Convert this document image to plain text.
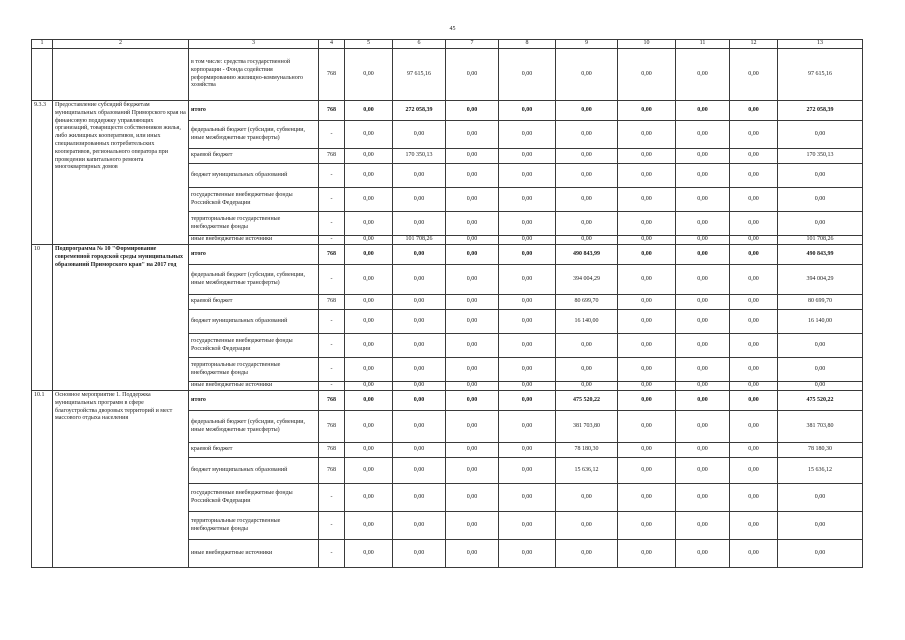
45
1	2	3	4	5	6	7	8	9	10	11	12	13
		в том числе: средства государственной корпорации - Фонда содействия реформированию жилищно-коммунального хозяйства	768	0,00	97 615,16	0,00	0,00	0,00	0,00	0,00	0,00	97 615,16
9.3.3	Предоставление субсидий бюджетам муниципальных образований Приморского края на финансовую поддержку управляющих организаций, товариществ собственников жилья, либо жилищных кооперативов, или иных специализированных потребительских кооперативов, регионального оператора при проведении капитального ремонта многоквартирных домов	итого	768	0,00	272 058,39	0,00	0,00	0,00	0,00	0,00	0,00	272 058,39
		федеральный бюджет (субсидии, субвенции, иные межбюджетные трансферты)	-	0,00	0,00	0,00	0,00	0,00	0,00	0,00	0,00	0,00
		краевой бюджет	768	0,00	170 350,13	0,00	0,00	0,00	0,00	0,00	0,00	170 350,13
		бюджет муниципальных образований	-	0,00	0,00	0,00	0,00	0,00	0,00	0,00	0,00	0,00
		государственные внебюджетные фонды Российской Федерации	-	0,00	0,00	0,00	0,00	0,00	0,00	0,00	0,00	0,00
		территориальные государственные внебюджетные фонды	-	0,00	0,00	0,00	0,00	0,00	0,00	0,00	0,00	0,00
		иные внебюджетные источники	-	0,00	101 708,26	0,00	0,00	0,00	0,00	0,00	0,00	101 708,26
10	Подпрограмма № 10 "Формирование современной городской среды муниципальных образований Приморского края" на 2017 год	итого	768	0,00	0,00	0,00	0,00	490 843,99	0,00	0,00	0,00	490 843,99
		федеральный бюджет (субсидии, субвенции, иные межбюджетные трансферты)	-	0,00	0,00	0,00	0,00	394 004,29	0,00	0,00	0,00	394 004,29
		краевой бюджет	768	0,00	0,00	0,00	0,00	80 699,70	0,00	0,00	0,00	80 699,70
		бюджет муниципальных образований	-	0,00	0,00	0,00	0,00	16 140,00	0,00	0,00	0,00	16 140,00
		государственные внебюджетные фонды Российской Федерации	-	0,00	0,00	0,00	0,00	0,00	0,00	0,00	0,00	0,00
		территориальные государственные внебюджетные фонды	-	0,00	0,00	0,00	0,00	0,00	0,00	0,00	0,00	0,00
		иные внебюджетные источники	-	0,00	0,00	0,00	0,00	0,00	0,00	0,00	0,00	0,00
10.1	Основное мероприятие 1. Поддержка муниципальных программ в сфере благоустройства дворовых территорий и мест массового отдыха населения	итого	768	0,00	0,00	0,00	0,00	475 520,22	0,00	0,00	0,00	475 520,22
		федеральный бюджет (субсидии, субвенции, иные межбюджетные трансферты)	768	0,00	0,00	0,00	0,00	381 703,80	0,00	0,00	0,00	381 703,80
		краевой бюджет	768	0,00	0,00	0,00	0,00	78 180,30	0,00	0,00	0,00	78 180,30
		бюджет муниципальных образований	768	0,00	0,00	0,00	0,00	15 636,12	0,00	0,00	0,00	15 636,12
		государственные внебюджетные фонды Российской Федерации	-	0,00	0,00	0,00	0,00	0,00	0,00	0,00	0,00	0,00
		территориальные государственные внебюджетные фонды	-	0,00	0,00	0,00	0,00	0,00	0,00	0,00	0,00	0,00
		иные внебюджетные источники	-	0,00	0,00	0,00	0,00	0,00	0,00	0,00	0,00	0,00
